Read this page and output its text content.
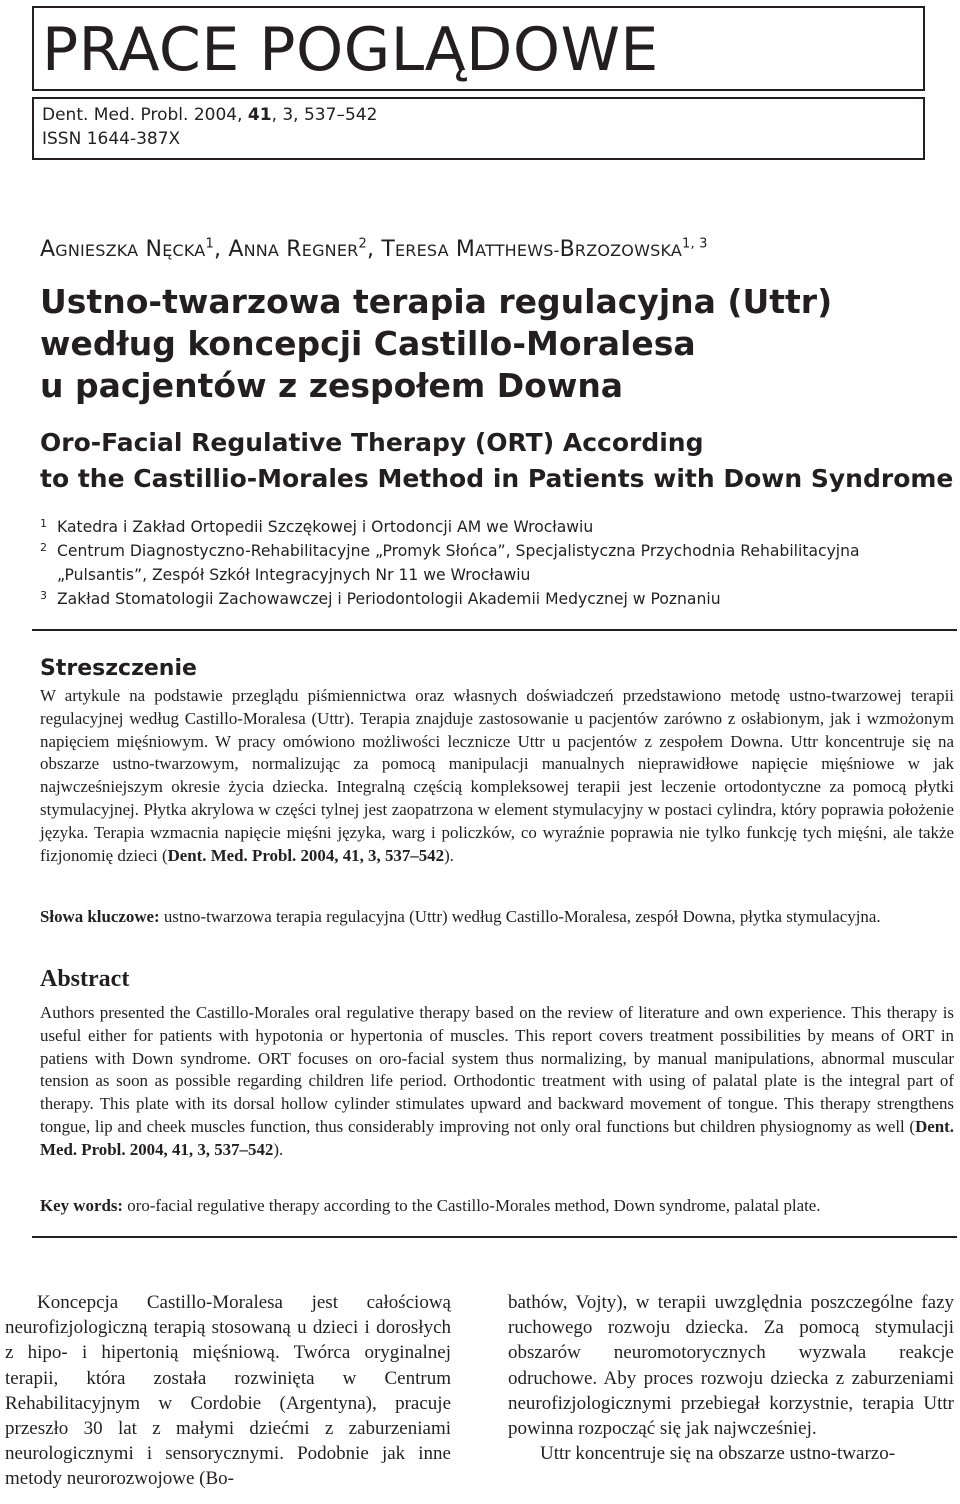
PRACE POGLĄDOWE
Dent. Med. Probl. 2004, 41, 3, 537–542
ISSN 1644-387X
AGNIESZKA NĘCKA$^1$, ANNA REGNER$^2$, TERESA MATTHEWS-BRZOZOWSKA$^{1, 3}$
Ustno-twarzowa terapia regulacyjna (Uttr)
według koncepcji Castillo-Moralesa
u pacjentów z zespołem Downa
Oro-Facial Regulative Therapy (ORT) According
to the Castillio-Morales Method in Patients with Down Syndrome
1 Katedra i Zakład Ortopedii Szczękowej i Ortodoncji AM we Wrocławiu
2 Centrum Diagnostyczno-Rehabilitacyjne „Promyk Słońca”, Specjalistyczna Przychodnia Rehabilitacyjna
„Pulsantis”, Zespół Szkół Integracyjnych Nr 11 we Wrocławiu
3 Zakład Stomatologii Zachowawczej i Periodontologii Akademii Medycznej w Poznaniu
Streszczenie
W artykule na podstawie przeglądu piśmiennictwa oraz własnych doświadczeń przedstawiono metodę ustno-twarzowej terapii regulacyjnej według Castillo-Moralesa (Uttr). Terapia znajduje zastosowanie u pacjentów zarówno z osłabionym, jak i wzmożonym napięciem mięśniowym. W pracy omówiono możliwości lecznicze Uttr u pacjentów z zespołem Downa. Uttr koncentruje się na obszarze ustno-twarzowym, normalizując za pomocą manipulacji manualnych nieprawidłowe napięcie mięśniowe w jak najwcześniejszym okresie życia dziecka. Integralną częścią kompleksowej terapii jest leczenie ortodontyczne za pomocą płytki stymulacyjnej. Płytka akrylowa w części tylnej jest zaopatrzona w element stymulacyjny w postaci cylindra, który poprawia położenie języka. Terapia wzmacnia napięcie mięśni języka, warg i policzków, co wyraźnie poprawia nie tylko funkcję tych mięśni, ale także fizjonomię dzieci (Dent. Med. Probl. 2004, 41, 3, 537–542).
Słowa kluczowe: ustno-twarzowa terapia regulacyjna (Uttr) według Castillo-Moralesa, zespół Downa, płytka stymulacyjna.
Abstract
Authors presented the Castillo-Morales oral regulative therapy based on the review of literature and own experience. This therapy is useful either for patients with hypotonia or hypertonia of muscles. This report covers treatment possibilities by means of ORT in patiens with Down syndrome. ORT focuses on oro-facial system thus normalizing, by manual manipulations, abnormal muscular tension as soon as possible regarding children life period. Orthodontic treatment with using of palatal plate is the integral part of therapy. This plate with its dorsal hollow cylinder stimulates upward and backward movement of tongue. This therapy strengthens tongue, lip and cheek muscles function, thus considerably improving not only oral functions but children physiognomy as well (Dent. Med. Probl. 2004, 41, 3, 537–542).
Key words: oro-facial regulative therapy according to the Castillo-Morales method, Down syndrome, palatal plate.
Koncepcja Castillo-Moralesa jest całościową neurofizjologiczną terapią stosowaną u dzieci i dorosłych z hipo- i hipertonią mięśniową. Twórca oryginalnej terapii, która została rozwinięta w Centrum Rehabilitacyjnym w Cordobie (Argentyna), pracuje przeszło 30 lat z małymi dziećmi z zaburzeniami neurologicznymi i sensorycznymi. Podobnie jak inne metody neurorozwojowe (Bo-
bathów, Vojty), w terapii uwzględnia poszczególne fazy ruchowego rozwoju dziecka. Za pomocą stymulacji obszarów neuromotorycznych wyzwala reakcje odruchowe. Aby proces rozwoju dziecka z zaburzeniami neurofizjologicznymi przebiegał korzystnie, terapia Uttr powinna rozpocząć się jak najwcześniej.
Uttr koncentruje się na obszarze ustno-twarzo-
